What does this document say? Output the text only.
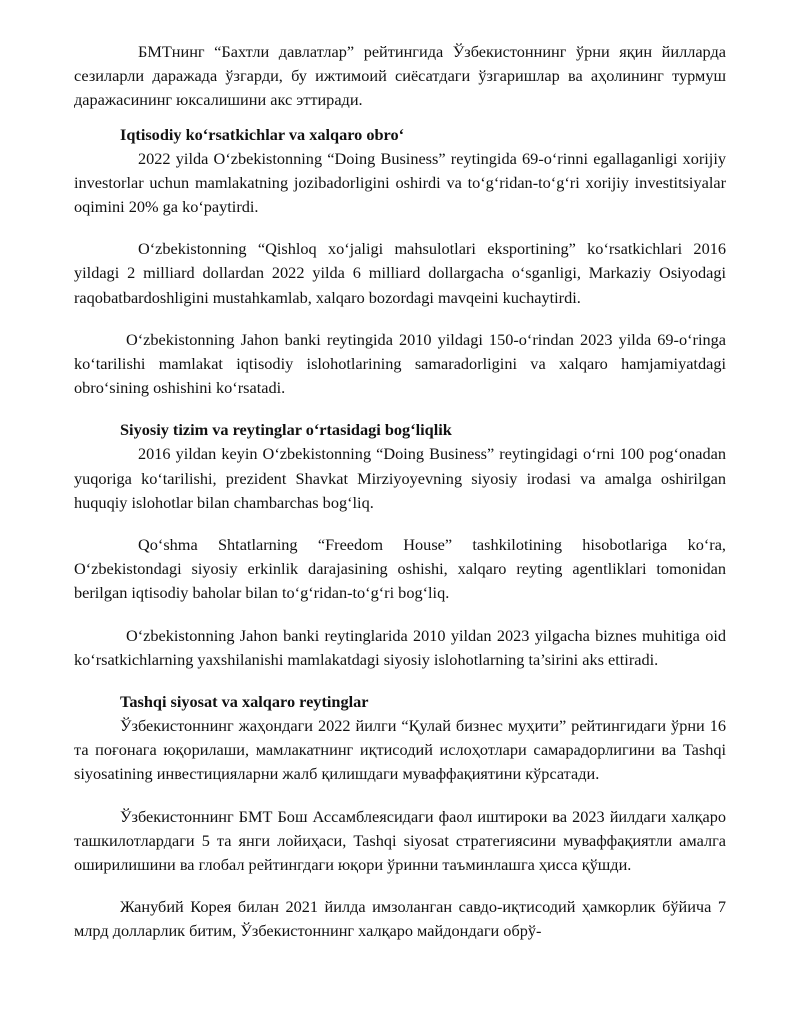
БМТнинг “Бахтли давлатлар” рейтингида Ўзбекистоннинг ўрни яқин йилларда сезиларли даражада ўзгарди, бу ижтимоий сиёсатдаги ўзгаришлар ва аҳолининг турмуш даражасининг юксалишини акс эттиради.

Iqtisodiy ko‘rsatkichlar va xalqaro obro‘

2022 yilda O‘zbekistonning “Doing Business” reytingida 69-o‘rinni egallaganligi xorijiy investorlar uchun mamlakatning jozibadorligini oshirdi va to‘g‘ridan-to‘g‘ri xorijiy investitsiyalar oqimini 20% ga ko‘paytirdi.

O‘zbekistonning “Qishloq xo‘jaligi mahsulotlari eksportining” ko‘rsatkichlari 2016 yildagi 2 milliard dollardan 2022 yilda 6 milliard dollargacha o‘sganligi, Markaziy Osiyodagi raqobatbardoshligini mustahkamlab, xalqaro bozordagi mavqeini kuchaytirdi.

O‘zbekistonning Jahon banki reytingida 2010 yildagi 150-o‘rindan 2023 yilda 69-o‘ringa ko‘tarilishi mamlakat iqtisodiy islohotlarining samaradorligini va xalqaro hamjamiyatdagi obro‘sining oshishini ko‘rsatadi.

Siyosiy tizim va reytinglar o‘rtasidagi bog‘liqlik

2016 yildan keyin O‘zbekistonning “Doing Business” reytingidagi o‘rni 100 pog‘onadan yuqoriga ko‘tarilishi, prezident Shavkat Mirziyoyevning siyosiy irodasi va amalga oshirilgan huquqiy islohotlar bilan chambarchas bog‘liq.

Qo‘shma Shtatlarning “Freedom House” tashkilotining hisobotlariga ko‘ra, O‘zbekistondagi siyosiy erkinlik darajasining oshishi, xalqaro reyting agentliklari tomonidan berilgan iqtisodiy baholar bilan to‘g‘ridan-to‘g‘ri bog‘liq.

O‘zbekistonning Jahon banki reytinglarida 2010 yildan 2023 yilgacha biznes muhitiga oid ko‘rsatkichlarning yaxshilanishi mamlakatdagi siyosiy islohotlarning ta’sirini aks ettiradi.

Tashqi siyosat va xalqaro reytinglar

Ўзбекистоннинг жаҳондаги 2022 йилги “Қулай бизнес муҳити” рейтингидаги ўрни 16 та поғонага юқорилаши, мамлакатнинг иқтисодий ислоҳотлари самарадорлигини ва Tashqi siyosatining инвестицияларни жалб қилишдаги муваффақиятини кўрсатади.

Ўзбекистоннинг БМТ Бош Ассамблеясидаги фаол иштироки ва 2023 йилдаги халқаро ташкилотлардаги 5 та янги лойиҳаси, Tashqi siyosat стратегиясини муваффақиятли амалга оширилишини ва глобал рейтингдаги юқори ўринни таъминлашга ҳисса қўшди.

Жанубий Корея билан 2021 йилда имзоланган савдо-иқтисодий ҳамкорлик бўйича 7 млрд долларлик битим, Ўзбекистоннинг халқаро майдондаги обрў-
